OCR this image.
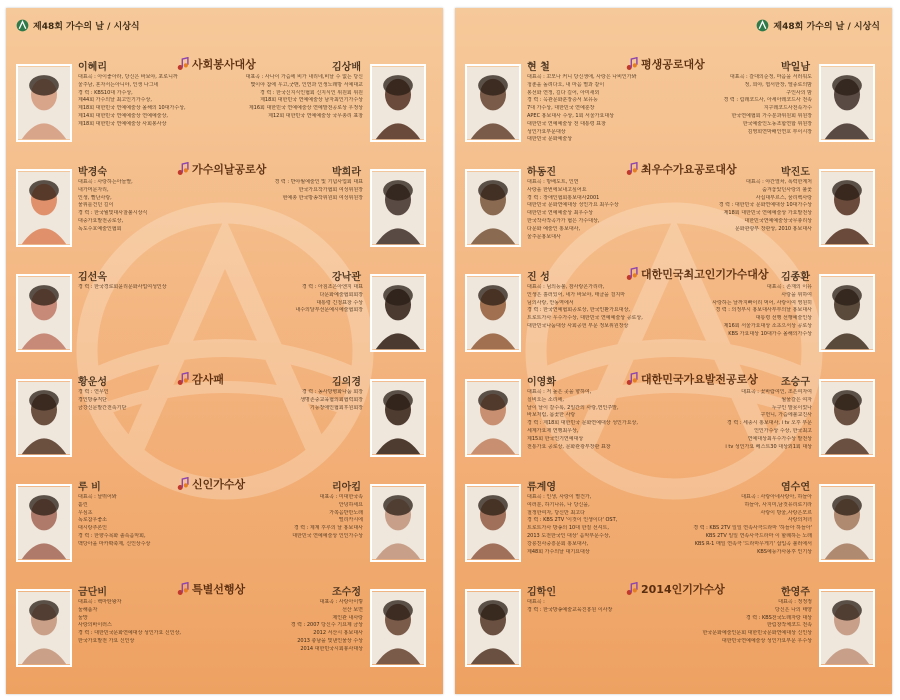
제48회 가수의 날 / 시상식
사회봉사대상
이혜리
대표곡 : 아이좋아라, 당신은 바보야, 포로니까
울주남, 혼자서는아니야, 인생 나그네
경 력 : KBS10대 가수상,
제44회 가수의날 최고인기가수상,
제18회 대한민국 연예예술상 올해의 10대가수상,
제14회 대한민국 연예예술상 연예예술상,
제18회 대한민국 연예예술상 사회봉사상
김상배
대표곡 : 사나이 가슴에 비가 내리네,비날 수 없는 당신
몇이야 참에 우고,굿맨, 인연과 인생노래방 서예대교
경 력 : 한국신지식인협회 신지식인 위원회 위원
제18회 대한민국 연예예술상 남자최인기가수상
제16회 대한민국 연예예술상 연예발전공로상 우정상
제12회 대한민국 연예예술상 국무총리 표창
가수의날공로상
박경숙
대표곡 : 사랑하는아들딸,
내가머문자리,
인생, 빨난사랑,
물위를건던 길이
경 력 : 한국월빛대사찰불시상식
대중가요발전공로상,
독도수호예술인협회
박희라
경 력 : 반야월예술인 및 기념사업회 대표
한국가요작가협회 여성위원장
현예총 한국방송작위원회 여성위원장
김선옥
경 력 : 한국경로회윤리문화사업여성인상
강낙관
경 력 : 아침조은아엔지 대표
다문화예술협회회장
대통령 긴청표창 수상
내수의달부선문예시예술협회장
감사패
황운성
경 력 : 연무인
경인방송직단
금강신문발간전속기단
김의경
경 력 : 농사방병화나눔 회장
생명존중교육협의회협력회장
기능장애인협회후원회장
신인가수상
루 비
대표곡 : 날뛰어봐
홀린
우심초
독로참우좋소
대시랑추론인
경 력 : 한향수목화 솔속음악회,
맥당아을 마카롹축제, 신인상수상
리아킴
대표곡 : 미대한국속
안녕하세요
가쪽음반만노래
떨리카시에
경 력 : 제계 후루의 날 홍보대사
대한민국 연예예술상 인인가수상
특별선행상
금단비
대표곡 : 백마탄왕자
둘해품자
둘망
사랑의바이러스
경 력 : 대한민국문화연예대상 성인가요 신인상,
한국가요발전 가요 신인상
조수정
대표곡 : 사랑아이렇
선산 보면
제인관 내사랑
경 력 : 2007 당신수 기요제 금상
2012 서산시 홍보대사
2013 충남을 빛낸인물상 수상
2014 대한민국시회봉사대상
제48회 가수의 날 / 시상식
평생공로대상
현 철
대표곡 : 꼬모나 커니 당신생애, 사랑은 나비인가봐
청춘을 돌려다오, 내 마음 별과 같이
봉선화 연정, 길다 길어, 아미새외
경 력 : 옥관문화훈장증서 보유등
7대 가수상, 대한민국 연예훈장
APEC 홍보대사 수상, 1회 서울가요대상
대한민국 연예예술상 전 대통령 표창
성인가요부문대상
대한민국 문화예술상
박일남
대표곡 : 갈대의순정, 마음을 서러워도
정, 희야, 엽서한장, 엘종로의밤
구인사의 밤
경 력 : 림래코드사, 아세아레코드사 전속
지구레코드사전속가수
한국연예협회 가수분과위원회 위원장
한국예술인노동조합연합 위원장
김영희연막배인연호 부이시장
최우수가요공로대상
하동진
대표곡 : 방배도트, 인연
사랑을 한번에보내고싶어요
경 력 : 장애인협회홍보대사2001
대한민국 문화연예대상 성인가요 최우수상
대한민국 연예예술상 최우수상
한국작사작곡가가 협은 가수대상,
다문화 예술인 홍보대사,
울주문홍보대사
박진도
대표곡 : 야간열차, 폭력한계처
숨겨놓았던사랑의 불꽃
사십대부르스, 꿈리벡사랑
경 력 : 대한민국 문화연예대상 10대가수상
제18회 대한민국 연예예술상 가요발전상
대한민국연예예술상국무총리상
문화관광부 장관상, 2010 홍보대사
대한민국최고인기가수대상
진 성
대표곡 : 님의등불, 잠사랑온가리라,
인생은 흘러있어, 네가 바보야, 태클을 걸지마
님의사랑, 안동역에서
경 력 : 한국연예협회공로상, 한국인환가요대상,
트로트가사 우수가수상, 대한민국 연예예술상 공로상,
대한민국나눔대상 사회공헌 부문 정보위원장상
김종환
대표곡 : 존재의 이유
사랑을 위하여
사랑하는 날까지빠이리 먹어, 사랑이여 영원히
경 력 : 의정부시 홍보대사부부의날 홍보대사
대통령 선행 선행예술인상
제16회 서울가요대상 소초으서상 공로상
KBS 가요대상 10대가수 올해의가수상
대한민국가요발전공로상
이영화
대표곡 : 저 높은 곳을 향하여,
실비오는 소리에,
날이 날이 갈수록, 2일간의 사랑,연인주말,
바보처럼, 몸꽃한 사랑
경 력 : 제18회 대한민국 문화연예대상 성인가요상,
세계가요제 연행최우상,
제15회 한국인기연예대상
전통가요 공로상, 문화관광부장관 표창
조승구
대표곡 : 꽃바람여인, 조은여자여
월물갈은 여자
누구인 말못이었나
구먼니, 가슴에불교진사
경 력 : 세종시 홍보대사, i tv 오후 부문
인인가수상 수상, 한국최고
연예대상최우수가수상 발전상
i tv 성인가요 베스트30 대상외1회 대상
류계영
대표곡 : 인생, 사랑이 별건가,
여러분, 하기나유, 나 당신을,
철정한여자, 당신만 최고다
경 력 : KBS 2TV '이것이 인생이다' OST,
트로트가사 방송의 10대 한질 선셔트,
2013 도전한국인 대상' 음악부문수상,
강릉친사중흥문회 홍보대사,
제48회 가수의날 대기요대상
염수연
대표곡 : 사랑아네사랑아, 하늘아
하늘아, 사지미,남것유리로기라
사랑이 방울,사랑은모르
사랑의처녀
경 력 : KBS 2TV 일일 연속사극드라마 '하늘아 하늘아'
KBS 2TV 일일 연속사극드라마 이 할례하는 노래
KBS R-1 매일 연속극 '드라마우게기' 삽입곡 불러에서
KBS예능가사용후 인기상
2014인기가수상
김학인
대표곡 :
경 력 : 한국방송예술교육진흥원 이사장
한영주
대표곡 : 정정정
당신은 나의 태양
경 력 : KBS전국노래자랑 대상
한림창작체코드 전속
한국문화예술인문회 대한민국문화연예대상 신인상
대한민국연예예술상 성인가요부문 우수상
